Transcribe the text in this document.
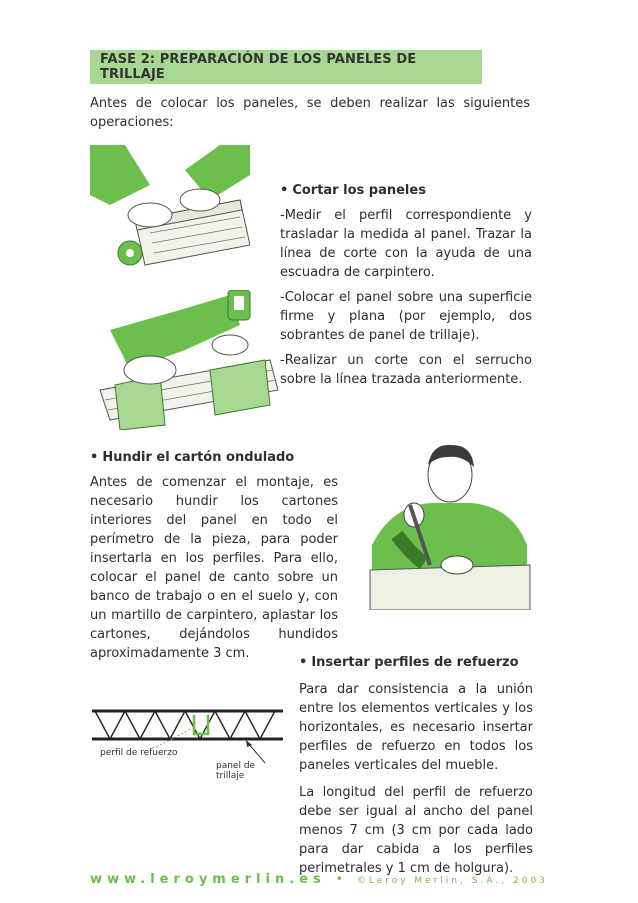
FASE 2: PREPARACIÓN DE LOS PANELES DE TRILLAJE
Antes de colocar los paneles, se deben realizar las siguientes operaciones:
• Cortar los paneles

-Medir el perfil correspondiente y trasladar la medida al panel. Trazar la línea de corte con la ayuda de una escuadra de carpintero.

-Colocar el panel sobre una superficie firme y plana (por ejemplo, dos sobrantes de panel de trillaje).

-Realizar un corte con el serrucho sobre la línea trazada anteriormente.

• Hundir el cartón ondulado

Antes de comenzar el montaje, es necesario hundir los cartones interiores del panel en todo el perímetro de la pieza, para poder insertarla en los perfiles. Para ello, colocar el panel de canto sobre un banco de trabajo o en el suelo y, con un martillo de carpintero, aplastar los cartones, dejándolos hundidos aproximadamente 3 cm.

• Insertar perfiles de refuerzo

Para dar consistencia a la unión entre los elementos verticales y los horizontales, es necesario insertar perfiles de refuerzo en todos los paneles verticales del mueble.

La longitud del perfil de refuerzo debe ser igual al ancho del panel menos 7 cm (3 cm por cada lado para dar cabida a los perfiles perimetrales y 1 cm de holgura).

perfil de refuerzo
panel de trillaje
www.leroymerlin.es • ©Leroy Merlin, S.A., 2003
